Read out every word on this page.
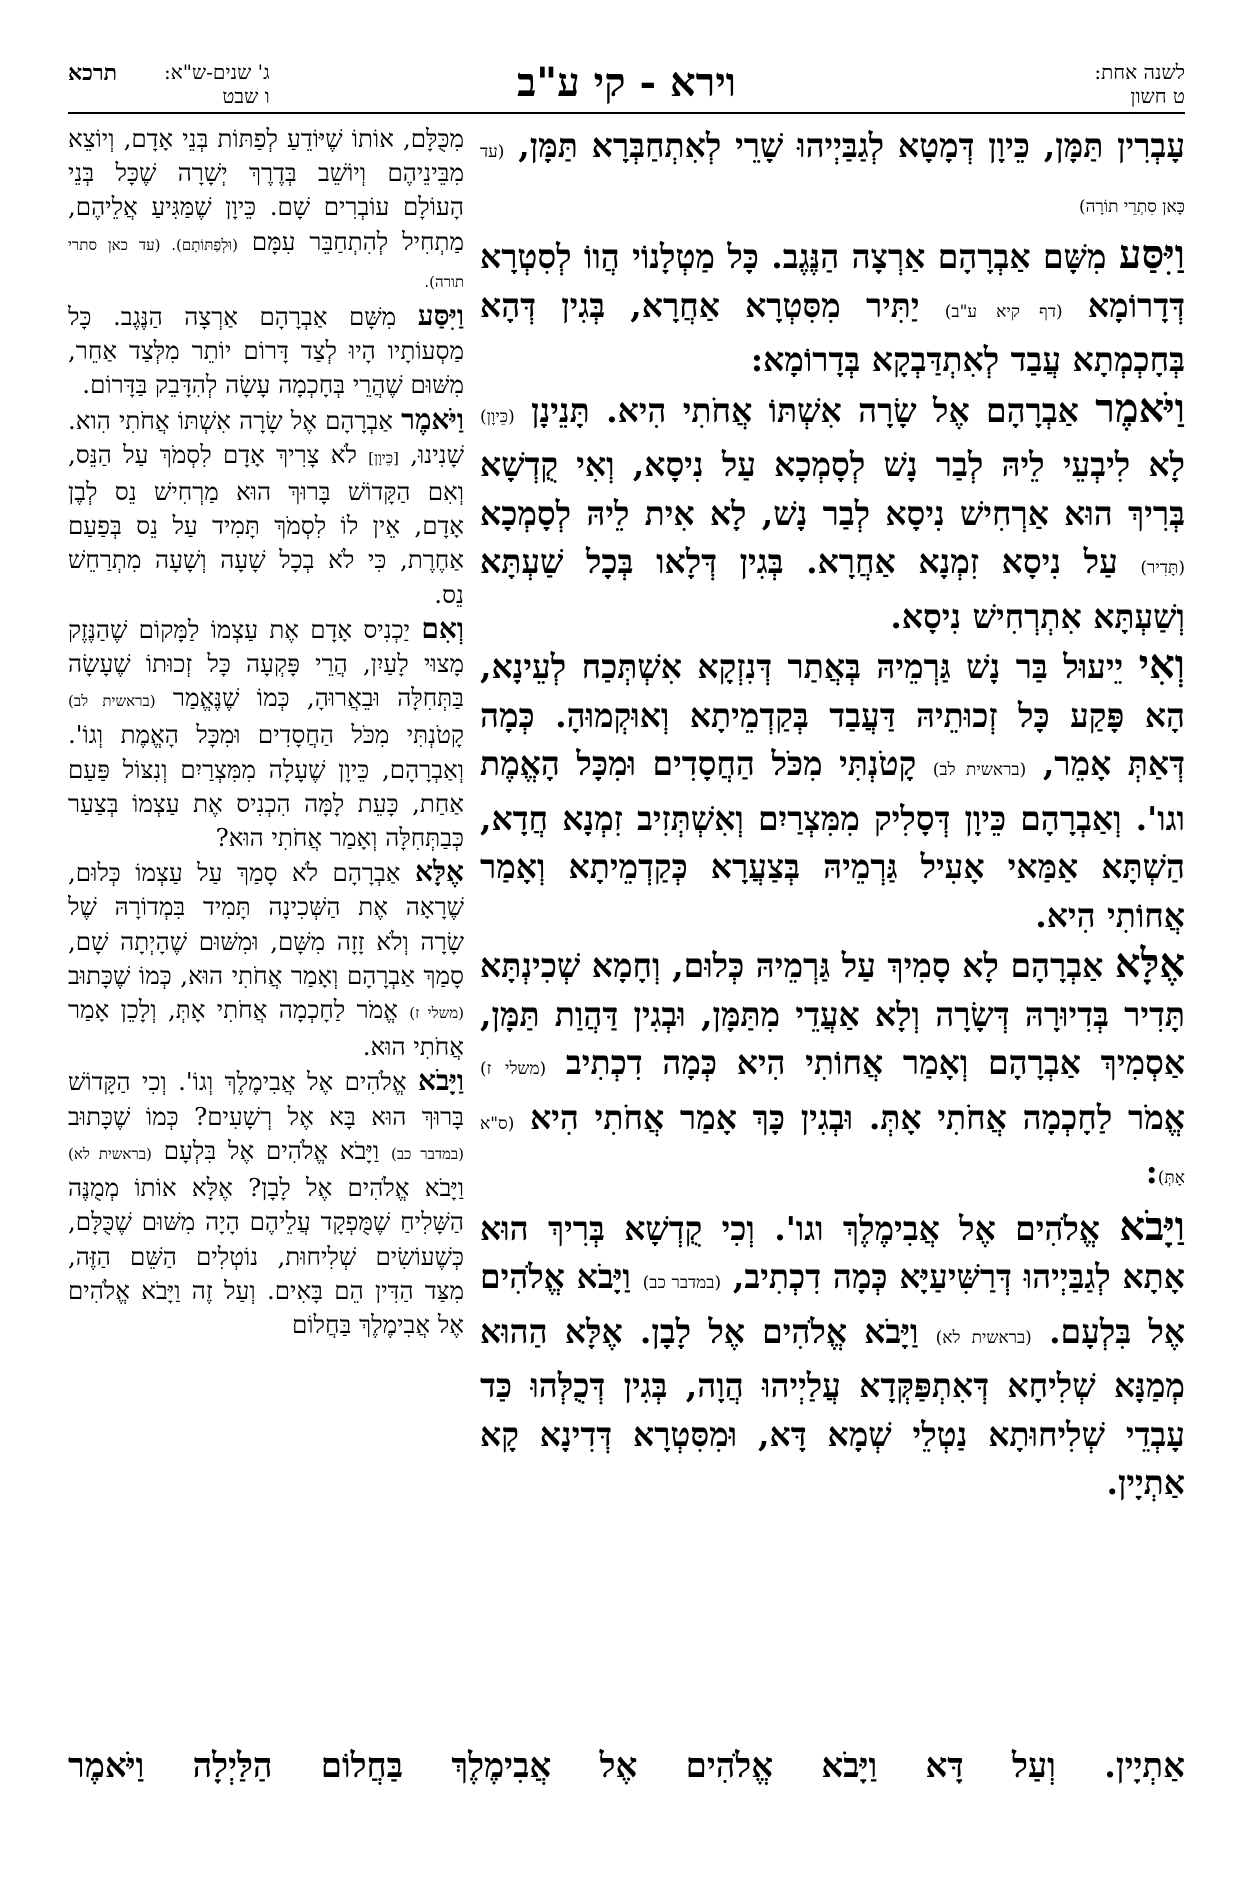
לשנה אחת:
ט חשון
וירא - קי ע"ב
ג' שנים-ש"א:
ו שבט
תרכא

עָבְרִין תַּמָּן, כֵּיוָן דְּמָטָא לְגַבַּיְיהוּ שָׁרֵי לְאִתְחַבְּרָא תַּמָּן, (עד כָּאן סִתְרֵי תוֹרָה)

וַיִּסַּע מִשָּׁם אַבְרָהָם אַרְצָה הַנֶּגֶב. כָּל מַטְלָנוֹי הֲווֹ לְסִטְרָא דְּדָרוֹמָא (דף קיא ע"ב) יַתִּיר מִסִּטְרָא אַחֲרָא, בְּגִין דְּהָא בְּחָכְמְתָא עֲבַד לְאִתְדַּבְקָא בְּדָרוֹמָא:

וַיֹּאמֶר אַבְרָהָם אֶל שָׂרָה אִשְׁתּוֹ אֲחֹתִי הִיא. תָּנֵינָן (כֵּיוָן) לָא לִיבְעֵי לֵיהּ לְבַר נָשׁ לְסָמְכָא עַל נִיסָא, וְאִי קֻדְשָׁא בְּרִיךְ הוּא אַרְחִישׁ נִיסָא לְבַר נָשׁ, לָא אִית לֵיהּ לְסָמְכָא (תָּדִיר) עַל נִיסָא זִמְנָא אַחֲרָא. בְּגִין דְּלָאו בְּכָל שַׁעְתָּא וְשַׁעְתָּא אִתְרְחִישׁ נִיסָא.

וְאִי יֵיעוּל בַּר נָשׁ גַּרְמֵיהּ בְּאֲתַר דְּנִזְקָא אִשְׁתְּכַח לְעֵינָא, הָא פָּקַע כָּל זְכוּתֵיהּ דַּעֲבַד בְּקַדְמֵיתָא וְאוּקְמוּהָ. כְּמָה דְּאַתְּ אָמֵר, (בראשית לב) קָטֹנְתִּי מִכֹּל הַחֲסָדִים וּמִכָּל הָאֱמֶת וגו'. וְאַבְרָהָם כֵּיוָן דְּסָלִיק מִמִּצְרַיִם וְאִשְׁתְּזִיב זִמְנָא חֲדָא, הַשְׁתָּא אַמַּאי אָעִיל גַּרְמֵיהּ בְּצַעֲרָא כְּקַדְמֵיתָא וְאָמַר אֲחוֹתִי הִיא.

אֶלָּא אַבְרָהָם לָא סָמִיךְ עַל גַּרְמֵיהּ כְּלוּם, וְחָמָא שְׁכִינְתָּא תָּדִיר בְּדִיוּרָהּ דְּשָׂרָה וְלָא אַעֲדֵי מִתַּמָּן, וּבְגִין דַּהֲוַת תַּמָּן, אַסְמִיךְ אַבְרָהָם וְאָמַר אֲחוֹתִי הִיא כְּמָה דִכְתִיב (משלי ז) אֱמֹר לַחָכְמָה אֲחֹתִי אָתְּ. וּבְגִין כָּךְ אָמַר אֲחֹתִי הִיא (ס"א אָתְּ):

וַיָּבֹא אֱלֹהִים אֶל אֲבִימֶלֶךְ וגו'. וְכִי קֻדְשָׁא בְּרִיךְ הוּא אָתָא לְגַבַּיְיהוּ דְּרַשִּׁיעַיָּא כְּמָה דִכְתִיב, (במדבר כב) וַיָּבֹא אֱלֹהִים אֶל בִּלְעָם. (בראשית לא) וַיָּבֹא אֱלֹהִים אֶל לָבָן. אֶלָּא הַהוּא מְמַנָּא שְׁלִיחָא דְּאִתְפַּקְּדָא עֲלַיְיהוּ הֲוָה, בְּגִין דְּכֻלְּהוּ כַּד עָבְדֵי שְׁלִיחוּתָא נַטְלֵי שְׁמָא דָּא, וּמִסִּטְרָא דְּדִינָא קָא אַתְיָין.

מִכֻּלָּם, אוֹתוֹ שֶׁיּוֹדֵעַ לְפַתּוֹת בְּנֵי אָדָם, וְיוֹצֵא מִבֵּינֵיהֶם וְיוֹשֵׁב בְּדֶרֶךְ יְשָׁרָה שֶׁכָּל בְּנֵי הָעוֹלָם עוֹבְרִים שָׁם. כֵּיוָן שֶׁמַּגִּיעַ אֲלֵיהֶם, מַתְחִיל לְהִתְחַבֵּר עִמָּם (וּלְפַתּוֹתָם). (עד כאן סתרי תורה).

וַיִּסַּע מִשָּׁם אַבְרָהָם אַרְצָה הַנֶּגֶב. כָּל מַסְעוֹתָיו הָיוּ לְצַד דָּרוֹם יוֹתֵר מִלְּצַד אַחֵר, מִשּׁוּם שֶׁהֲרֵי בְּחָכְמָה עָשָׂה לְהִדָּבֵק בַּדָּרוֹם.

וַיֹּאמֶר אַבְרָהָם אֶל שָׂרָה אִשְׁתּוֹ אֲחֹתִי הִוא. שָׁנִינוּ, [כֵּיוָן] לֹא צָרִיךְ אָדָם לִסְמֹךְ עַל הַנֵּס, וְאִם הַקָּדוֹשׁ בָּרוּךְ הוּא מַרְחִישׁ נֵס לְבֶן אָדָם, אֵין לוֹ לִסְמֹךְ תָּמִיד עַל נֵס בְּפַעַם אַחֶרֶת, כִּי לֹא בְכָל שָׁעָה וְשָׁעָה מִתְרַחֵשׁ נֵס.

וְאִם יַכְנִיס אָדָם אֶת עַצְמוֹ לַמָּקוֹם שֶׁהַנֶּזֶק מָצוּי לָעַיִן, הֲרֵי פָּקְעָה כָּל זְכוּתוֹ שֶׁעָשָׂה בַּתְּחִלָּה וּבֵאֲרוּהָ, כְּמוֹ שֶׁנֶּאֱמַר (בראשית לב) קָטֹנְתִּי מִכֹּל הַחֲסָדִים וּמִכָּל הָאֱמֶת וְגוֹ'. וְאַבְרָהָם, כֵּיוָן שֶׁעָלָה מִמִּצְרַיִם וְנִצּוֹל פַּעַם אַחַת, כָּעֵת לָמָּה הִכְנִיס אֶת עַצְמוֹ בְּצַעַר כְּבַתְּחִלָּה וְאָמַר אֲחֹתִי הוּא?

אֶלָּא אַבְרָהָם לֹא סָמַךְ עַל עַצְמוֹ כְּלוּם, שֶׁרָאָה אֶת הַשְּׁכִינָה תָּמִיד בִּמְדוֹרָהּ שֶׁל שָׂרָה וְלֹא זָזָה מִשָּׁם, וּמִשּׁוּם שֶׁהָיְתָה שָׁם, סָמַךְ אַבְרָהָם וְאָמַר אֲחֹתִי הוּא, כְּמוֹ שֶׁכָּתוּב (משלי ז) אֱמֹר לַחָכְמָה אֲחֹתִי אָתְּ, וְלָכֵן אָמַר אֲחֹתִי הוּא.

וַיָּבֹא אֱלֹהִים אֶל אֲבִימֶלֶךְ וְגוֹ'. וְכִי הַקָּדוֹשׁ בָּרוּךְ הוּא בָּא אֶל רְשָׁעִים? כְּמוֹ שֶׁכָּתוּב (במדבר כב) וַיָּבֹא אֱלֹהִים אֶל בִּלְעָם (בראשית לא) וַיָּבֹא אֱלֹהִים אֶל לָבָן? אֶלָּא אוֹתוֹ מְמֻנֶּה הַשָּׁלִיחַ שֶׁמֻּפְקָד עֲלֵיהֶם הָיָה מִשּׁוּם שֶׁכֻּלָּם, כְּשֶׁעוֹשִׂים שְׁלִיחוּת, נוֹטְלִים הַשֵּׁם הַזֶּה, מִצַּד הַדִּין הֵם בָּאִים. וְעַל זֶה וַיָּבֹא אֱלֹהִים אֶל אֲבִימֶלֶךְ בַּחֲלוֹם

אַתְיָין. וְעַל דָּא וַיָּבֹא אֱלֹהִים אֶל אֲבִימֶלֶךְ בַּחֲלוֹם הַלַּיְלָה וַיֹּאמֶר
